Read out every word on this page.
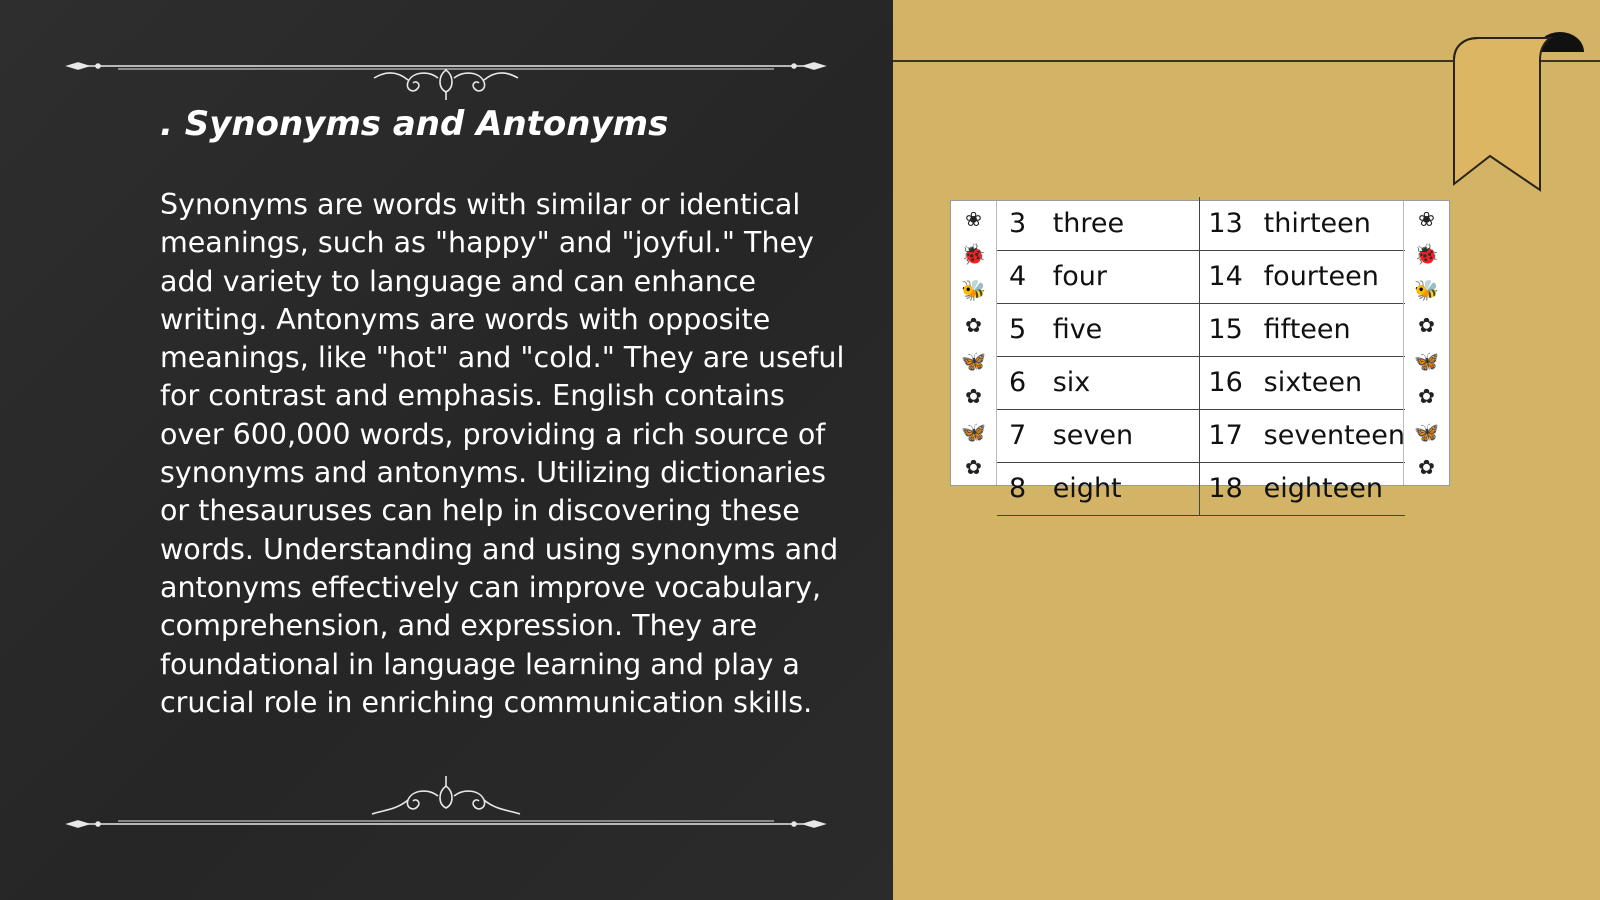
. Synonyms and Antonyms

Synonyms are words with similar or identical meanings, such as "happy" and "joyful." They add variety to language and can enhance writing. Antonyms are words with opposite meanings, like "hot" and "cold." They are useful for contrast and emphasis. English contains over 600,000 words, providing a rich source of synonyms and antonyms. Utilizing dictionaries or thesauruses can help in discovering these words. Understanding and using synonyms and antonyms effectively can improve vocabulary, comprehension, and expression. They are foundational in language learning and play a crucial role in enriching communication skills.

❀
🐞
🐝
✿
🦋
✿
🦋
✿
3	three	13	thirteen
4	four	14	fourteen
5	five	15	fifteen
6	six	16	sixteen
7	seven	17	seventeen
8	eight	18	eighteen
❀
🐞
🐝
✿
🦋
✿
🦋
✿
